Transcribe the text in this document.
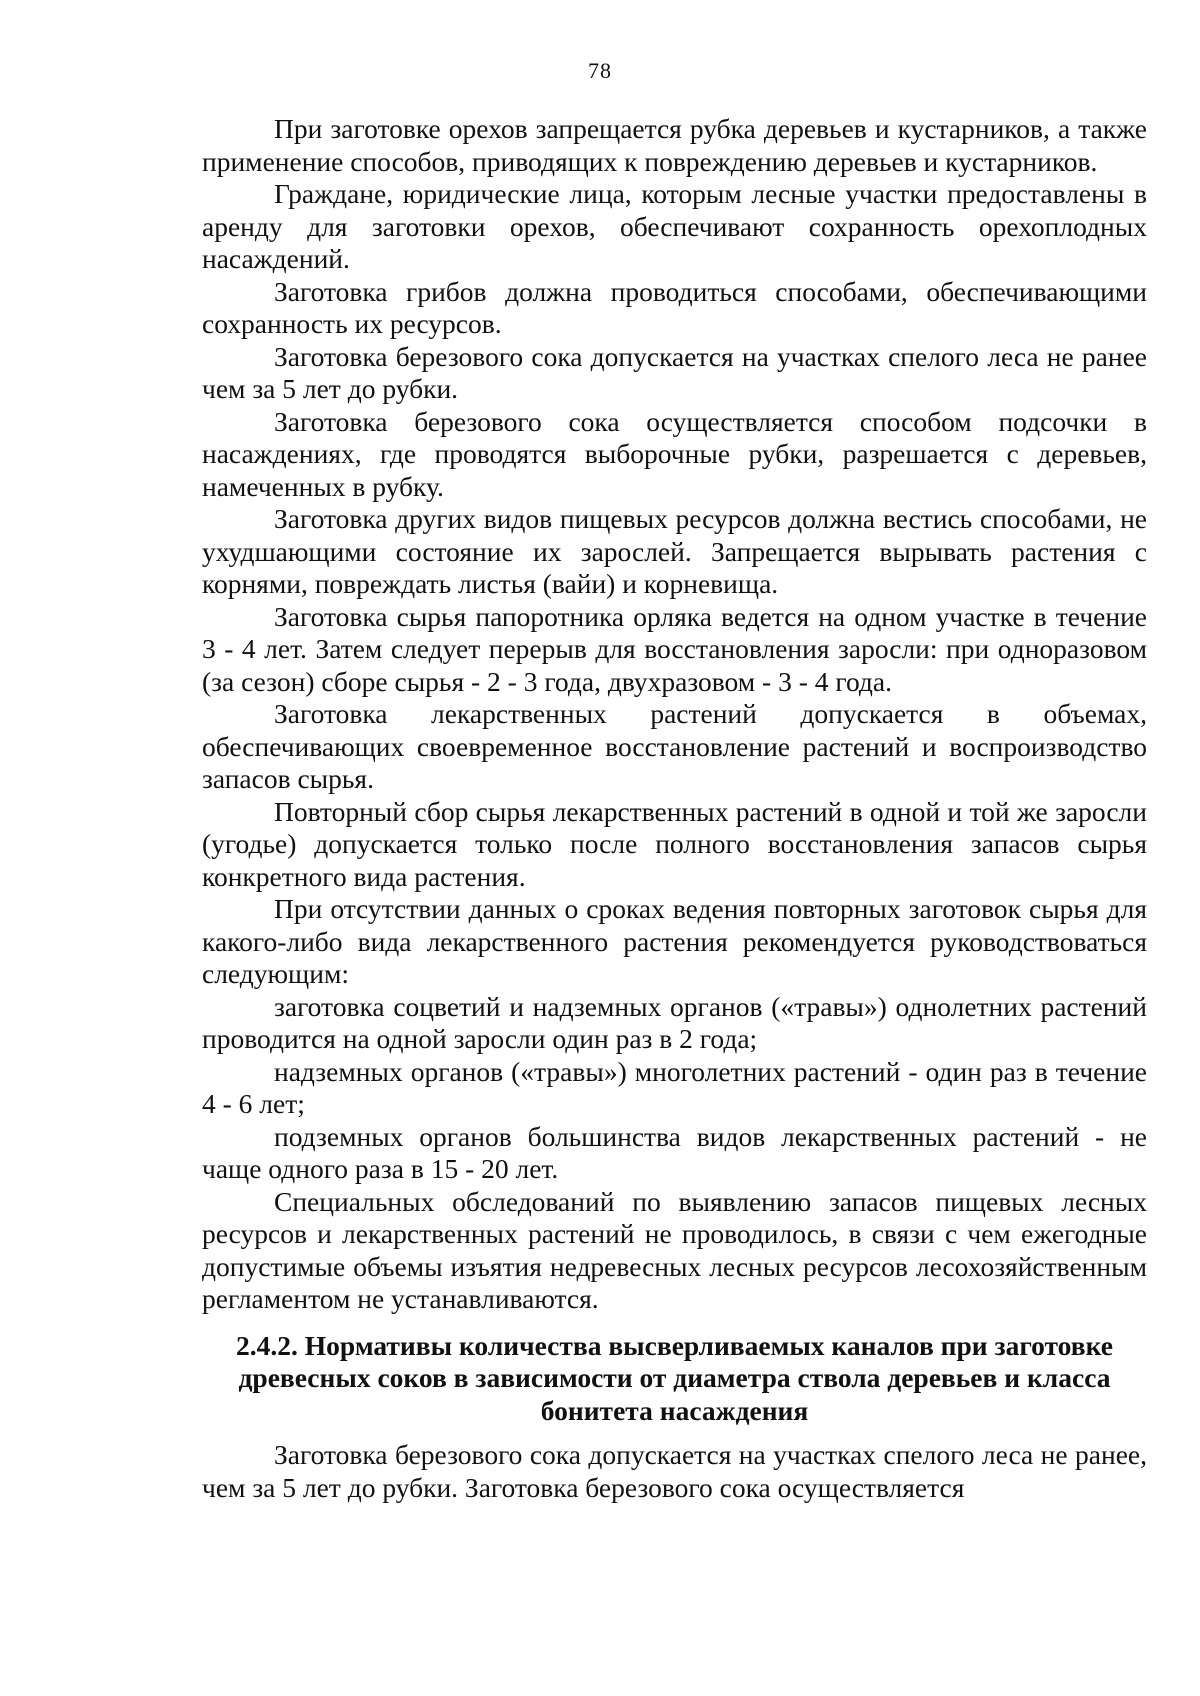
78

При заготовке орехов запрещается рубка деревьев и кустарников, а также применение способов, приводящих к повреждению деревьев и кустарников.

Граждане, юридические лица, которым лесные участки предоставлены в аренду для заготовки орехов, обеспечивают сохранность орехоплодных насаждений.

Заготовка грибов должна проводиться способами, обеспечивающими сохранность их ресурсов.

Заготовка березового сока допускается на участках спелого леса не ранее чем за 5 лет до рубки.

Заготовка березового сока осуществляется способом подсочки в насаждениях, где проводятся выборочные рубки, разрешается с деревьев, намеченных в рубку.

Заготовка других видов пищевых ресурсов должна вестись способами, не ухудшающими состояние их зарослей. Запрещается вырывать растения с корнями, повреждать листья (вайи) и корневища.

Заготовка сырья папоротника орляка ведется на одном участке в течение 3 - 4 лет. Затем следует перерыв для восстановления заросли: при одноразовом (за сезон) сборе сырья - 2 - 3 года, двухразовом - 3 - 4 года.

Заготовка лекарственных растений допускается в объемах, обеспечивающих своевременное восстановление растений и воспроизводство запасов сырья.

Повторный сбор сырья лекарственных растений в одной и той же заросли (угодье) допускается только после полного восстановления запасов сырья конкретного вида растения.

При отсутствии данных о сроках ведения повторных заготовок сырья для какого-либо вида лекарственного растения рекомендуется руководствоваться следующим:

заготовка соцветий и надземных органов («травы») однолетних растений проводится на одной заросли один раз в 2 года;

надземных органов («травы») многолетних растений - один раз в течение 4 - 6 лет;

подземных органов большинства видов лекарственных растений - не чаще одного раза в 15 - 20 лет.

Специальных обследований по выявлению запасов пищевых лесных ресурсов и лекарственных растений не проводилось, в связи с чем ежегодные допустимые объемы изъятия недревесных лесных ресурсов лесохозяйственным регламентом не устанавливаются.

2.4.2. Нормативы количества высверливаемых каналов при заготовке древесных соков в зависимости от диаметра ствола деревьев и класса бонитета насаждения

Заготовка березового сока допускается на участках спелого леса не ранее, чем за 5 лет до рубки. Заготовка березового сока осуществляется
